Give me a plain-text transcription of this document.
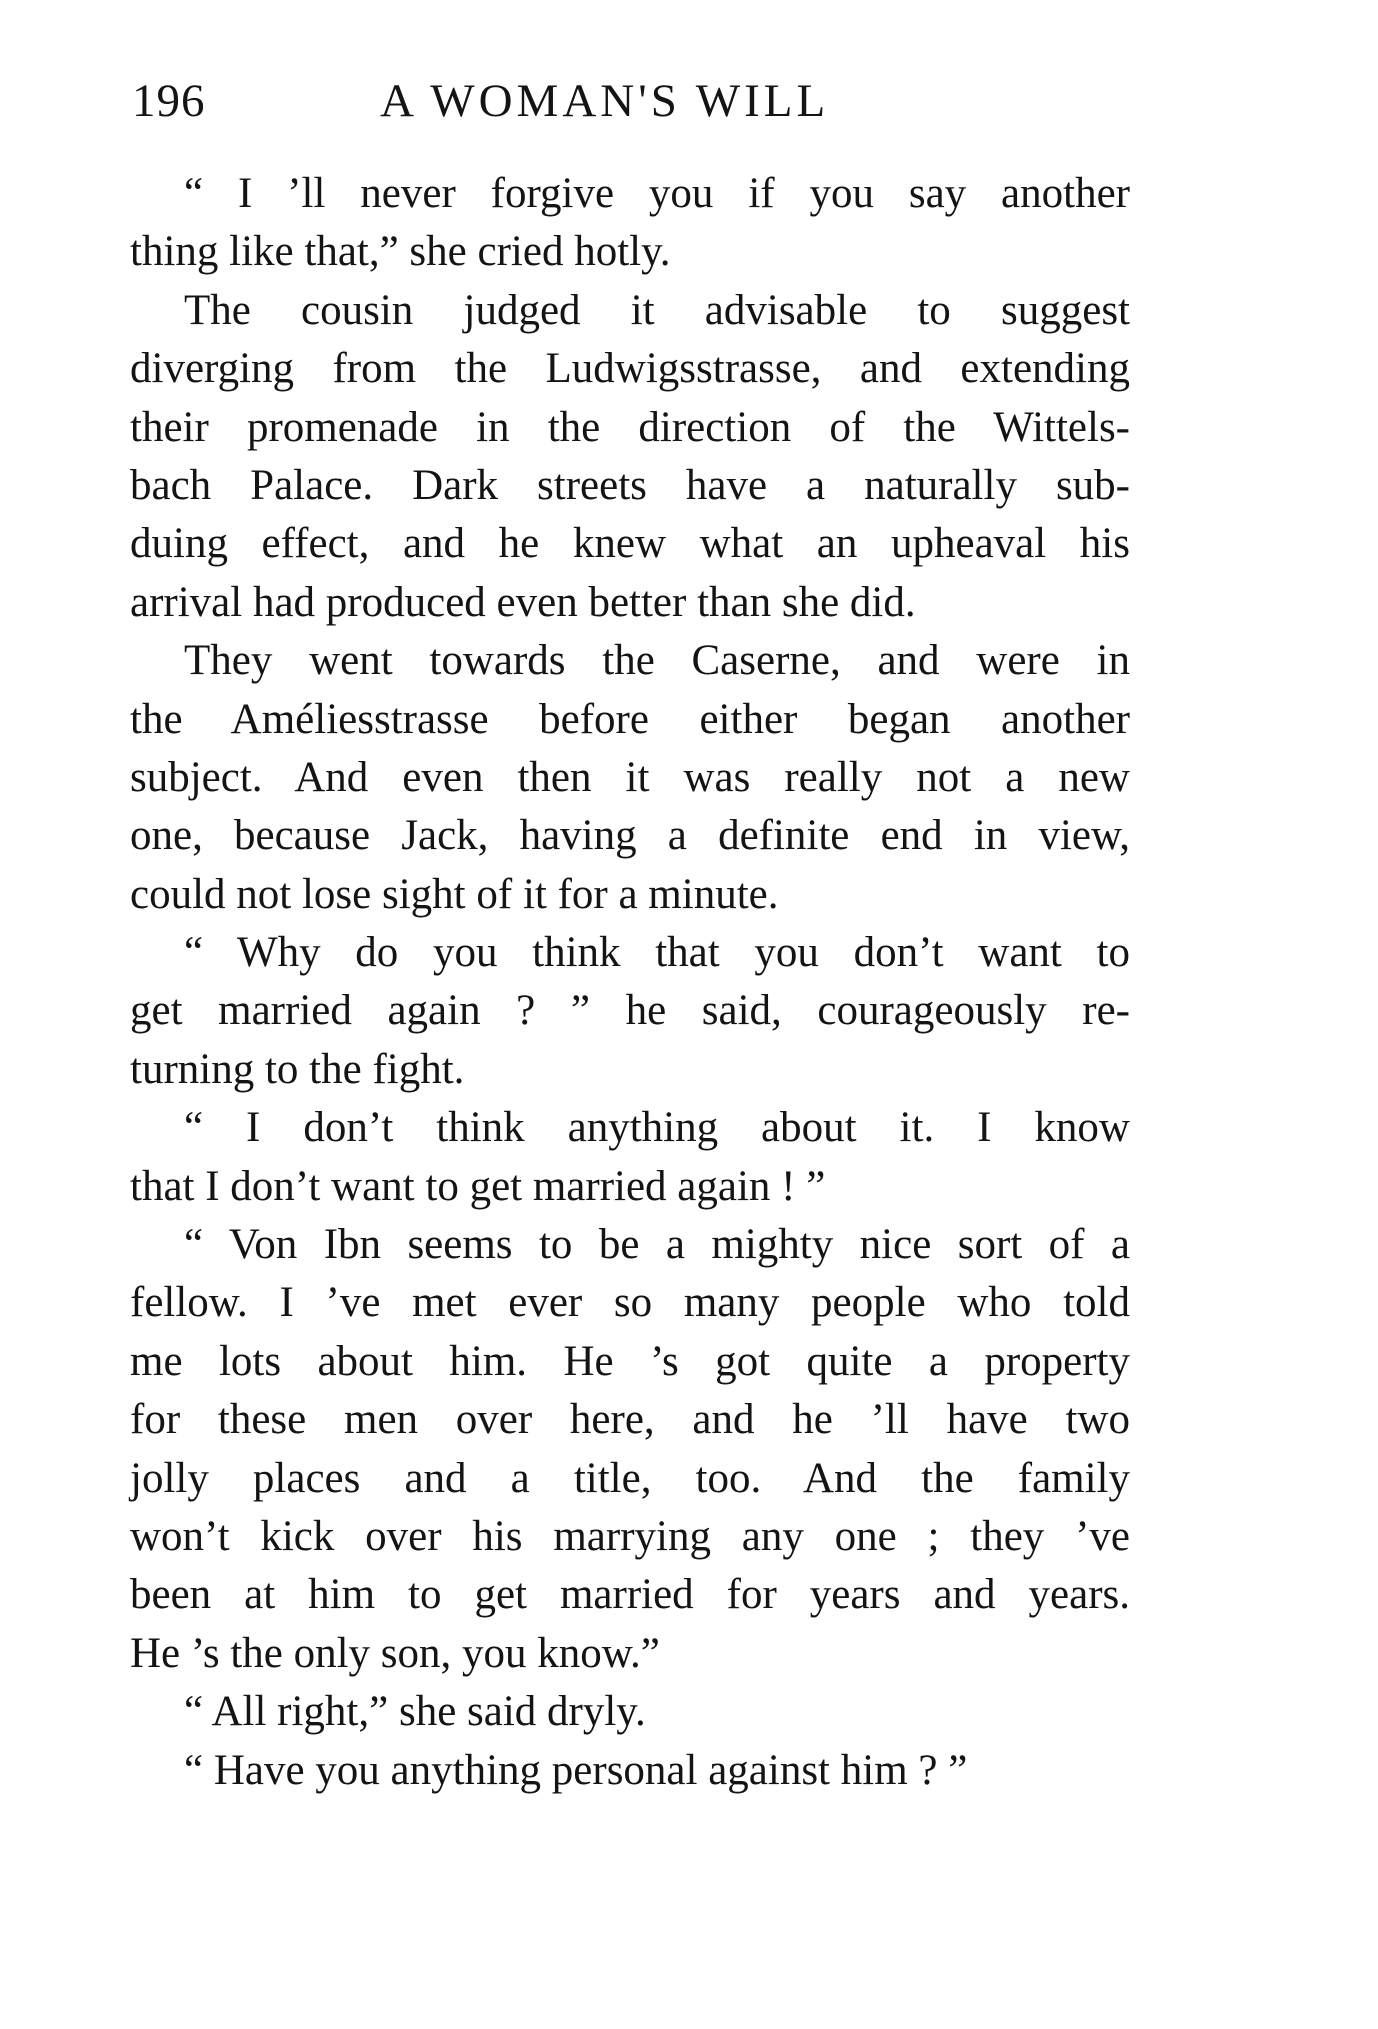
196	A WOMAN'S WILL
“ I ’ll never forgive you if you say another
thing like that,” she cried hotly.
The cousin judged it advisable to suggest
diverging from the Ludwigsstrasse, and extending
their promenade in the direction of the Wittels-
bach Palace. Dark streets have a naturally sub-
duing effect, and he knew what an upheaval his
arrival had produced even better than she did.
They went towards the Caserne, and were in
the Améliesstrasse before either began another
subject. And even then it was really not a new
one, because Jack, having a definite end in view,
could not lose sight of it for a minute.
“ Why do you think that you don’t want to
get married again ? ” he said, courageously re-
turning to the fight.
“ I don’t think anything about it. I know
that I don’t want to get married again ! ”
“ Von Ibn seems to be a mighty nice sort of a
fellow. I ’ve met ever so many people who told
me lots about him. He ’s got quite a property
for these men over here, and he ’ll have two
jolly places and a title, too. And the family
won’t kick over his marrying any one ; they ’ve
been at him to get married for years and years.
He ’s the only son, you know.”
“ All right,” she said dryly.
“ Have you anything personal against him ? ”
